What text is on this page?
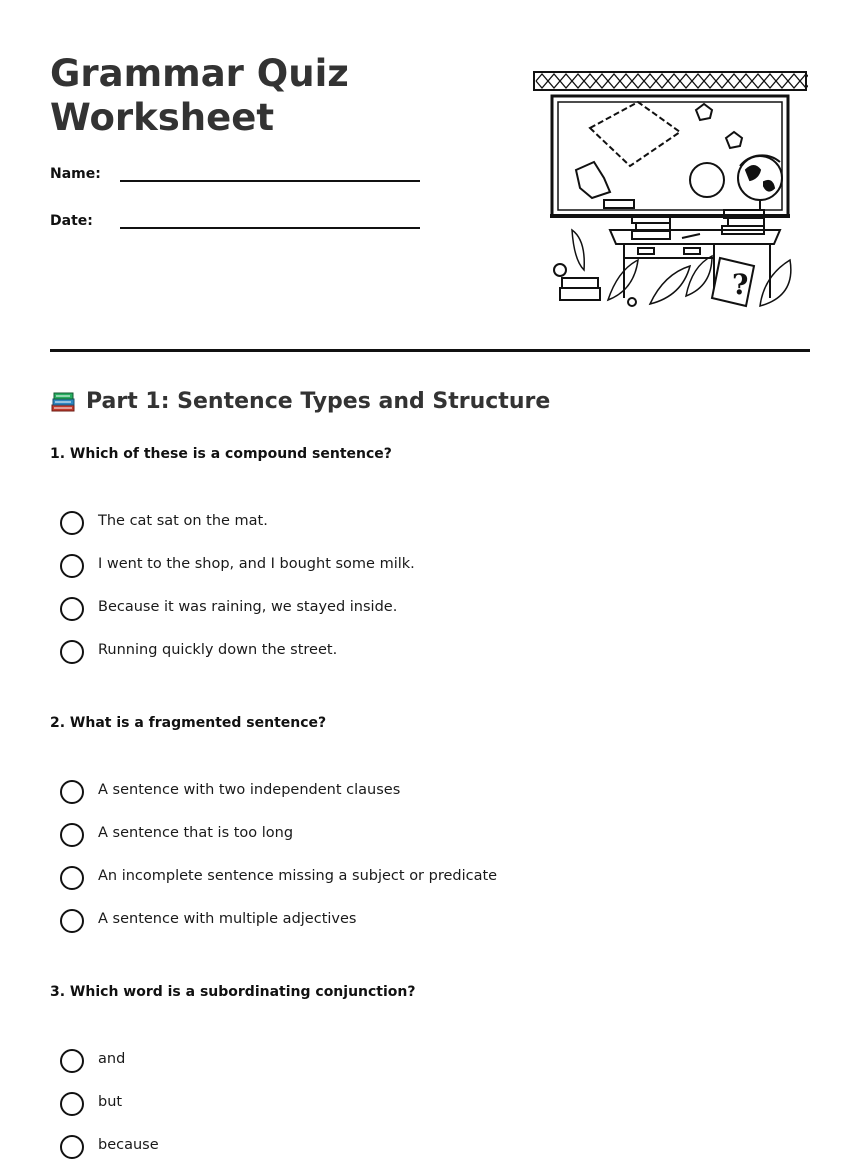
Grammar Quiz Worksheet
Name:
Date:
?
Part 1: Sentence Types and Structure
1. Which of these is a compound sentence?
The cat sat on the mat.
I went to the shop, and I bought some milk.
Because it was raining, we stayed inside.
Running quickly down the street.
2. What is a fragmented sentence?
A sentence with two independent clauses
A sentence that is too long
An incomplete sentence missing a subject or predicate
A sentence with multiple adjectives
3. Which word is a subordinating conjunction?
and
but
because
